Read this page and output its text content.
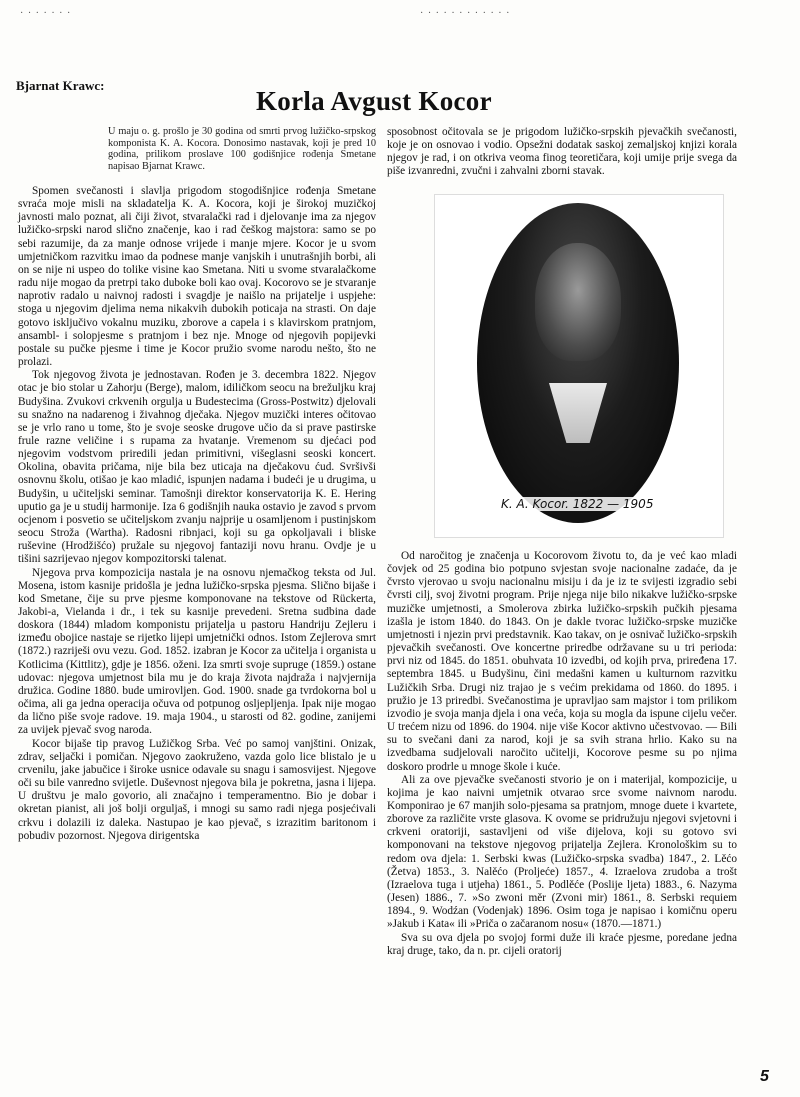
· · · · · · ·	· · · · · · · · · · · ·
Bjarnat Krawc:
Korla Avgust Kocor

U maju o. g. prošlo je 30 godina od smrti prvog lužičko-srpskog komponista K. A. Kocora. Donosimo nastavak, koji je pred 10 godina, prilikom proslave 100 godišnjice rođenja Smetane napisao Bjarnat Krawc.

Spomen svečanosti i slavlja prigodom stogodišnjice rođenja Smetane svraća moje misli na skladatelja K. A. Kocora, koji je širokoj muzičkoj javnosti malo poznat, ali čiji život, stvaralački rad i djelovanje ima za njegov lužičko-srpski narod slično značenje, kao i rad češkog majstora: samo se po sebi razumije, da za manje odnose vrijede i manje mjere. Kocor je u svom umjetničkom razvitku imao da podnese manje vanjskih i unutrašnjih borbi, ali on se nije ni uspeo do tolike visine kao Smetana. Niti u svome stvaralačkome radu nije mogao da pretrpi tako duboke boli kao ovaj. Kocorovo se je stvaranje naprotiv radalo u naivnoj radosti i svagdje je naišlo na prijatelje i uspjehe: stoga u njegovim djelima nema nikakvih dubokih poticaja na strasti. On daje gotovo isključivo vokalnu muziku, zborove a capela i s klavirskom pratnjom, ansambl- i solopjesme s pratnjom i bez nje. Mnoge od njegovih popijevki postale su pučke pjesme i time je Kocor pružio svome narodu nešto, što ne prolazi.

Tok njegovog života je jednostavan. Rođen je 3. decembra 1822. Njegov otac je bio stolar u Zahorju (Berge), malom, idiličkom seocu na brežuljku kraj Budyšina. Zvukovi crkvenih orgulja u Budestecima (Gross-Postwitz) djelovali su snažno na nadarenog i živahnog dječaka. Njegov muzički interes očitovao se je vrlo rano u tome, što je svoje seoske drugove učio da si prave pastirske frule razne veličine i s rupama za hvatanje. Vremenom su djećaci pod njegovim vodstvom priredili jedan primitivni, višeglasni seoski koncert. Okolina, obavita pričama, nije bila bez uticaja na dječakovu ćud. Svršivši osnovnu školu, otišao je kao mladić, ispunjen nadama i budeći je u drugima, u Budyšin, u učiteljski seminar. Tamošnji direktor konservatorija K. E. Hering uputio ga je u studij harmonije. Iza 6 godišnjih nauka ostavio je zavod s prvom ocjenom i posvetio se učiteljskom zvanju najprije u osamljenom i pustinjskom seocu Stroža (Wartha). Radosni ribnjaci, koji su ga opkoljavali i bliske ruševine (Hrodžišćo) pružale su njegovoj fantaziji novu hranu. Ovdje je u tišini sazrijevao njegov kompozitorski talenat.

Njegova prva kompozicija nastala je na osnovu njemačkog teksta od Jul. Mosena, istom kasnije pridošla je jedna lužičko-srpska pjesma. Slično bijaše i kod Smetane, čije su prve pjesme komponovane na tekstove od Rückerta, Jakobi-a, Vielanda i dr., i tek su kasnije prevedeni. Sretna sudbina dade doskora (1844) mladom komponistu prijatelja u pastoru Handriju Zejleru i između obojice nastaje se rijetko lijepi umjetnički odnos. Istom Zejlerova smrt (1872.) razriješi ovu vezu. God. 1852. izabran je Kocor za učitelja i organista u Kotlicima (Kittlitz), gdje je 1856. oženi. Iza smrti svoje supruge (1859.) ostane udovac: njegova umjetnost bila mu je do kraja života najdraža i najvjernija družica. Godine 1880. bude umirovljen. God. 1900. snade ga tvrdokorna bol u očima, ali ga jedna operacija očuva od potpunog osljepljenja. Ipak nije mogao da lično piše svoje radove. 19. maja 1904., u starosti od 82. godine, zanijemi za uvijek pjevač svog naroda.

Kocor bijaše tip pravog Lužičkog Srba. Već po samoj vanjštini. Onizak, zdrav, seljački i pomičan. Njegovo zaokruženo, vazda golo lice blistalo je u crvenilu, jake jabučice i široke usnice odavale su snagu i samosvijest. Njegove oči su bile vanredno svijetle. Duševnost njegova bila je pokretna, jasna i lijepa. U društvu je malo govorio, ali značajno i temperamentno. Bio je dobar i okretan pianist, ali još bolji orguljaš, i mnogi su samo radi njega posjećivali crkvu i dolazili iz daleka. Nastupao je kao pjevač, s izrazitim baritonom i pobudiv pozornost. Njegova dirigentska

sposobnost očitovala se je prigodom lužičko-srpskih pjevačkih svečanosti, koje je on osnovao i vodio. Opsežni dodatak saskoj zemaljskoj knjizi korala njegov je rad, i on otkriva veoma finog teoretičara, koji umije prije svega da piše izvanredni, zvučni i zahvalni zborni stavak.

K. A. Kocor. 1822 — 1905

Od naročitog je značenja u Kocorovom životu to, da je već kao mladi čovjek od 25 godina bio potpuno svjestan svoje nacionalne zadaće, da je čvrsto vjerovao u svoju nacionalnu misiju i da je iz te svijesti izgradio sebi čvrsti cilj, svoj životni program. Prije njega nije bilo nikakve lužičko-srpske muzičke umjetnosti, a Smolerova zbirka lužičko-srpskih pučkih pjesama izašla je istom 1840. do 1843. On je dakle tvorac lužičko-srpske muzičke umjetnosti i njezin prvi predstavnik. Kao takav, on je osnivač lužičko-srpskih pjevačkih svečanosti. Ove koncertne priredbe održavane su u tri perioda: prvi niz od 1845. do 1851. obuhvata 10 izvedbi, od kojih prva, priređena 17. septembra 1845. u Budyšinu, čini medašni kamen u kulturnom razvitku Lužičkih Srba. Drugi niz trajao je s većim prekidama od 1860. do 1895. i pružio je 13 priredbi. Svečanostima je upravljao sam majstor i tom prilikom izvodio je svoja manja djela i ona veća, koja su mogla da ispune cijelu večer. U trećem nizu od 1896. do 1904. nije više Kocor aktivno učestvovao. — Bili su to svečani dani za narod, koji je sa svih strana hrlio. Kako su na izvedbama sudjelovali naročito učitelji, Kocorove pesme su po njima doskoro prodrle u mnoge škole i kuće.

Ali za ove pjevačke svečanosti stvorio je on i materijal, kompozicije, u kojima je kao naivni umjetnik otvarao srce svome naivnom narodu. Komponirao je 67 manjih solo-pjesama sa pratnjom, mnoge duete i kvartete, zborove za različite vrste glasova. K ovome se pridružuju njegovi svjetovni i crkveni oratoriji, sastavljeni od više dijelova, koji su gotovo svi komponovani na tekstove njegovog prijatelja Zejlera. Kronološkim su to redom ova djela: 1. Serbski kwas (Lužičko-srpska svadba) 1847., 2. Lěćo (Žetva) 1853., 3. Nalěćo (Proljeće) 1857., 4. Izraelova zrudoba a trošt (Izraelova tuga i utjeha) 1861., 5. Podlěće (Poslije ljeta) 1883., 6. Nazyma (Jesen) 1886., 7. »So zwoni měr (Zvoni mir) 1861., 8. Serbski requiem 1894., 9. Wodźan (Vodenjak) 1896. Osim toga je napisao i komičnu operu »Jakub i Kata« ili »Priča o začaranom nosu« (1870.—1871.)

Sva su ova djela po svojoj formi duže ili kraće pjesme, poredane jedna kraj druge, tako, da n. pr. cijeli oratorij

5
